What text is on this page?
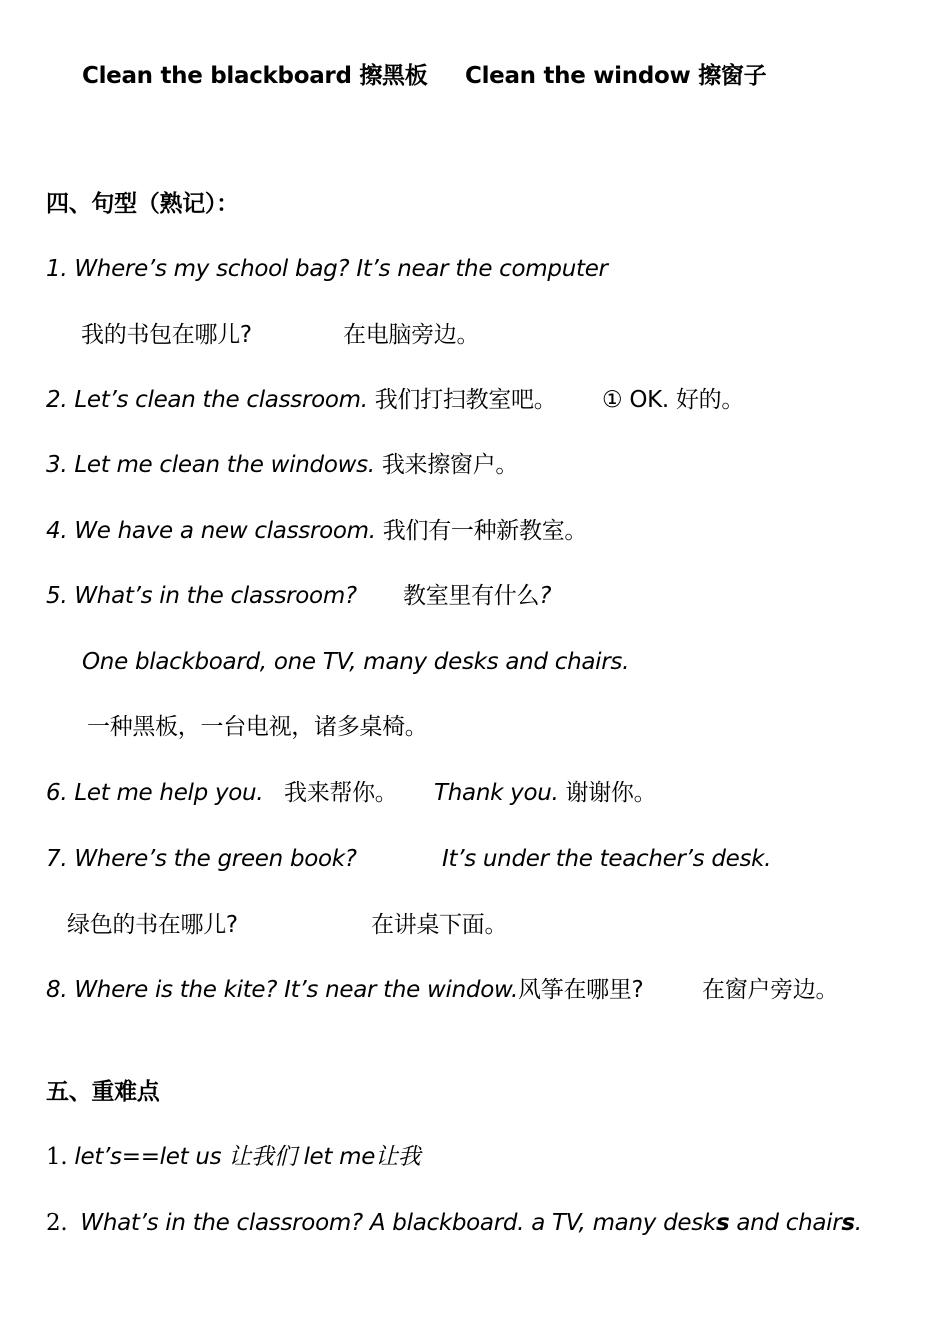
Clean the blackboard 擦黑板 Clean the window 擦窗子
四、句型（熟记）：
1. Where’s my school bag? It’s near the computer
我的书包在哪儿?	在电脑旁边。
2. Let’s clean the classroom. 我们打扫教室吧。 ① OK. 好的。
3. Let me clean the windows. 我来擦窗户。
4. We have a new classroom. 我们有一种新教室。
5. What’s in the classroom? 教室里有什么?
One blackboard, one TV, many desks and chairs.
一种黑板，一台电视，诸多桌椅。
6. Let me help you. 我来帮你。 Thank you. 谢谢你。
7. Where’s the green book?	It’s under the teacher’s desk.
绿色的书在哪儿?	在讲桌下面。
8. Where is the kite? It’s near the window.风筝在哪里?	在窗户旁边。
五、重难点
1. let’s==let us 让我们 let me让我
2. What’s in the classroom? A blackboard. a TV, many desks and chairs.
